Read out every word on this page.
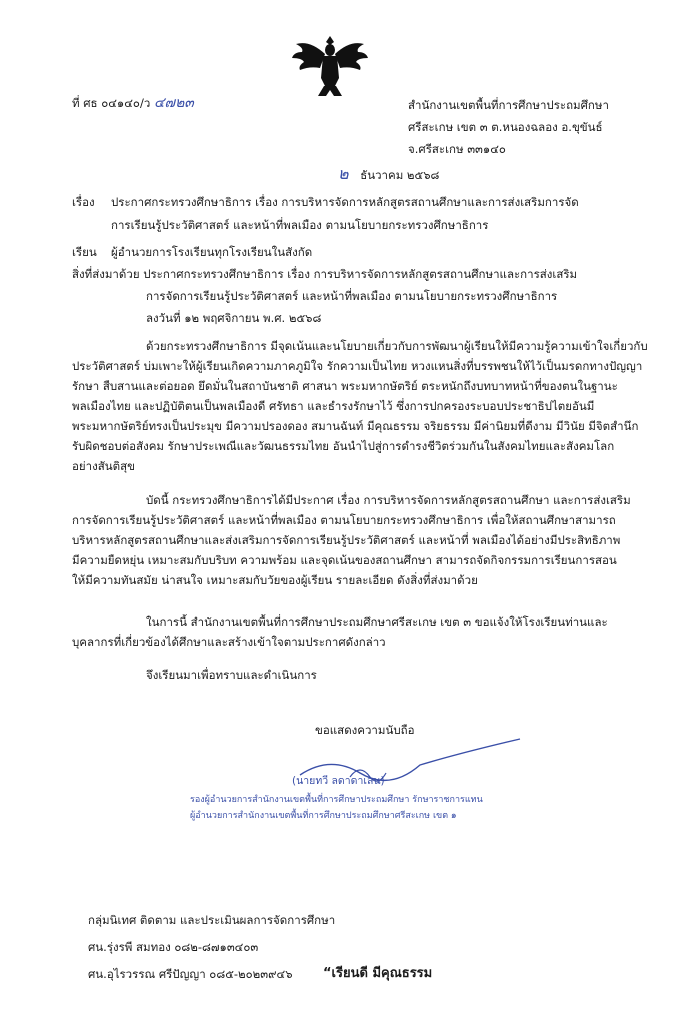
ที่ ศธ ๐๔๑๔๐/ว ๔๗๒๓	สำนักงานเขตพื้นที่การศึกษาประถมศึกษา
ศรีสะเกษ เขต ๓ ต.หนองฉลอง อ.ขุขันธ์
จ.ศรีสะเกษ ๓๓๑๔๐
๒ ธันวาคม ๒๕๖๘
เรื่อง ประกาศกระทรวงศึกษาธิการ เรื่อง การบริหารจัดการหลักสูตรสถานศึกษาและการส่งเสริมการจัด
การเรียนรู้ประวัติศาสตร์ และหน้าที่พลเมือง ตามนโยบายกระทรวงศึกษาธิการ
เรียน ผู้อำนวยการโรงเรียนทุกโรงเรียนในสังกัด
สิ่งที่ส่งมาด้วย ประกาศกระทรวงศึกษาธิการ เรื่อง การบริหารจัดการหลักสูตรสถานศึกษาและการส่งเสริม
การจัดการเรียนรู้ประวัติศาสตร์ และหน้าที่พลเมือง ตามนโยบายกระทรวงศึกษาธิการ
ลงวันที่ ๑๒ พฤศจิกายน พ.ศ. ๒๕๖๘
ด้วยกระทรวงศึกษาธิการ มีจุดเน้นและนโยบายเกี่ยวกับการพัฒนาผู้เรียนให้มีความรู้ความเข้าใจเกี่ยวกับ
ประวัติศาสตร์ บ่มเพาะให้ผู้เรียนเกิดความภาคภูมิใจ รักความเป็นไทย หวงแหนสิ่งที่บรรพชนให้ไว้เป็นมรดกทางปัญญา
รักษา สืบสานและต่อยอด ยึดมั่นในสถาบันชาติ ศาสนา พระมหากษัตริย์ ตระหนักถึงบทบาทหน้าที่ของตนในฐานะ
พลเมืองไทย และปฏิบัติตนเป็นพลเมืองดี ศรัทธา และธำรงรักษาไว้ ซึ่งการปกครองระบอบประชาธิปไตยอันมี
พระมหากษัตริย์ทรงเป็นประมุข มีความปรองดอง สมานฉันท์ มีคุณธรรม จริยธรรม มีค่านิยมที่ดีงาม มีวินัย มีจิตสำนึก
รับผิดชอบต่อสังคม รักษาประเพณีและวัฒนธรรมไทย อันนำไปสู่การดำรงชีวิตร่วมกันในสังคมไทยและสังคมโลก
อย่างสันติสุข
บัดนี้ กระทรวงศึกษาธิการได้มีประกาศ เรื่อง การบริหารจัดการหลักสูตรสถานศึกษา และการส่งเสริม
การจัดการเรียนรู้ประวัติศาสตร์ และหน้าที่พลเมือง ตามนโยบายกระทรวงศึกษาธิการ เพื่อให้สถานศึกษาสามารถ
บริหารหลักสูตรสถานศึกษาและส่งเสริมการจัดการเรียนรู้ประวัติศาสตร์ และหน้าที่ พลเมืองได้อย่างมีประสิทธิภาพ
มีความยืดหยุ่น เหมาะสมกับบริบท ความพร้อม และจุดเน้นของสถานศึกษา สามารถจัดกิจกรรมการเรียนการสอน
ให้มีความทันสมัย น่าสนใจ เหมาะสมกับวัยของผู้เรียน รายละเอียด ดังสิ่งที่ส่งมาด้วย
ในการนี้ สำนักงานเขตพื้นที่การศึกษาประถมศึกษาศรีสะเกษ เขต ๓ ขอแจ้งให้โรงเรียนท่านและ
บุคลากรที่เกี่ยวข้องได้ศึกษาและสร้างเข้าใจตามประกาศดังกล่าว
จึงเรียนมาเพื่อทราบและดำเนินการ
ขอแสดงความนับถือ
(นายทวี ลดาดาเลน)
รองผู้อำนวยการสำนักงานเขตพื้นที่การศึกษาประถมศึกษา รักษาราชการแทน
ผู้อำนวยการสำนักงานเขตพื้นที่การศึกษาประถมศึกษาศรีสะเกษ เขต ๑
กลุ่มนิเทศ ติดตาม และประเมินผลการจัดการศึกษา
ศน.รุ่งรพี สมทอง ๐๘๒-๘๗๑๓๔๐๓
ศน.อุไรวรรณ ศรีปัญญา ๐๘๕-๒๐๒๓๙๔๖ “เรียนดี มีคุณธรรม
